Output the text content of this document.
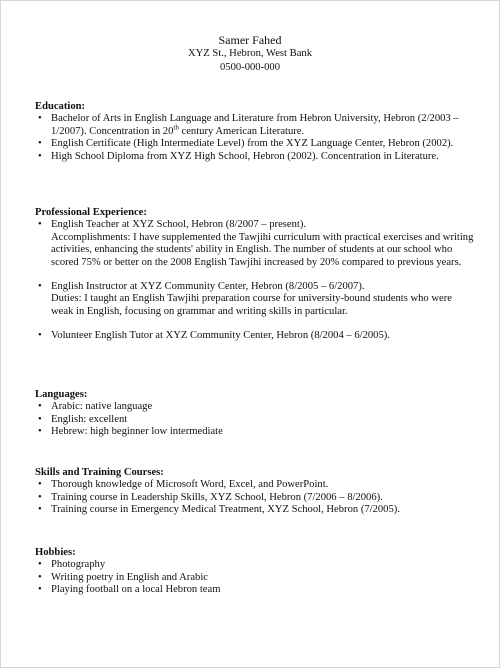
Samer Fahed
XYZ St., Hebron, West Bank
0500-000-000
Education:
• Bachelor of Arts in English Language and Literature from Hebron University, Hebron (2/2003 – 1/2007). Concentration in 20th century American Literature.
• English Certificate (High Intermediate Level) from the XYZ Language Center, Hebron (2002).
• High School Diploma from XYZ High School, Hebron (2002). Concentration in Literature.
Professional Experience:
• English Teacher at XYZ School, Hebron (8/2007 – present).
Accomplishments: I have supplemented the Tawjihi curriculum with practical exercises and writing activities, enhancing the students' ability in English. The number of students at our school who scored 75% or better on the 2008 English Tawjihi increased by 20% compared to previous years.
• English Instructor at XYZ Community Center, Hebron (8/2005 – 6/2007).
Duties: I taught an English Tawjihi preparation course for university-bound students who were weak in English, focusing on grammar and writing skills in particular.
• Volunteer English Tutor at XYZ Community Center, Hebron (8/2004 – 6/2005).
Languages:
• Arabic: native language
• English: excellent
• Hebrew: high beginner low intermediate
Skills and Training Courses:
• Thorough knowledge of Microsoft Word, Excel, and PowerPoint.
• Training course in Leadership Skills, XYZ School, Hebron (7/2006 – 8/2006).
• Training course in Emergency Medical Treatment, XYZ School, Hebron (7/2005).
Hobbies:
• Photography
• Writing poetry in English and Arabic
• Playing football on a local Hebron team
